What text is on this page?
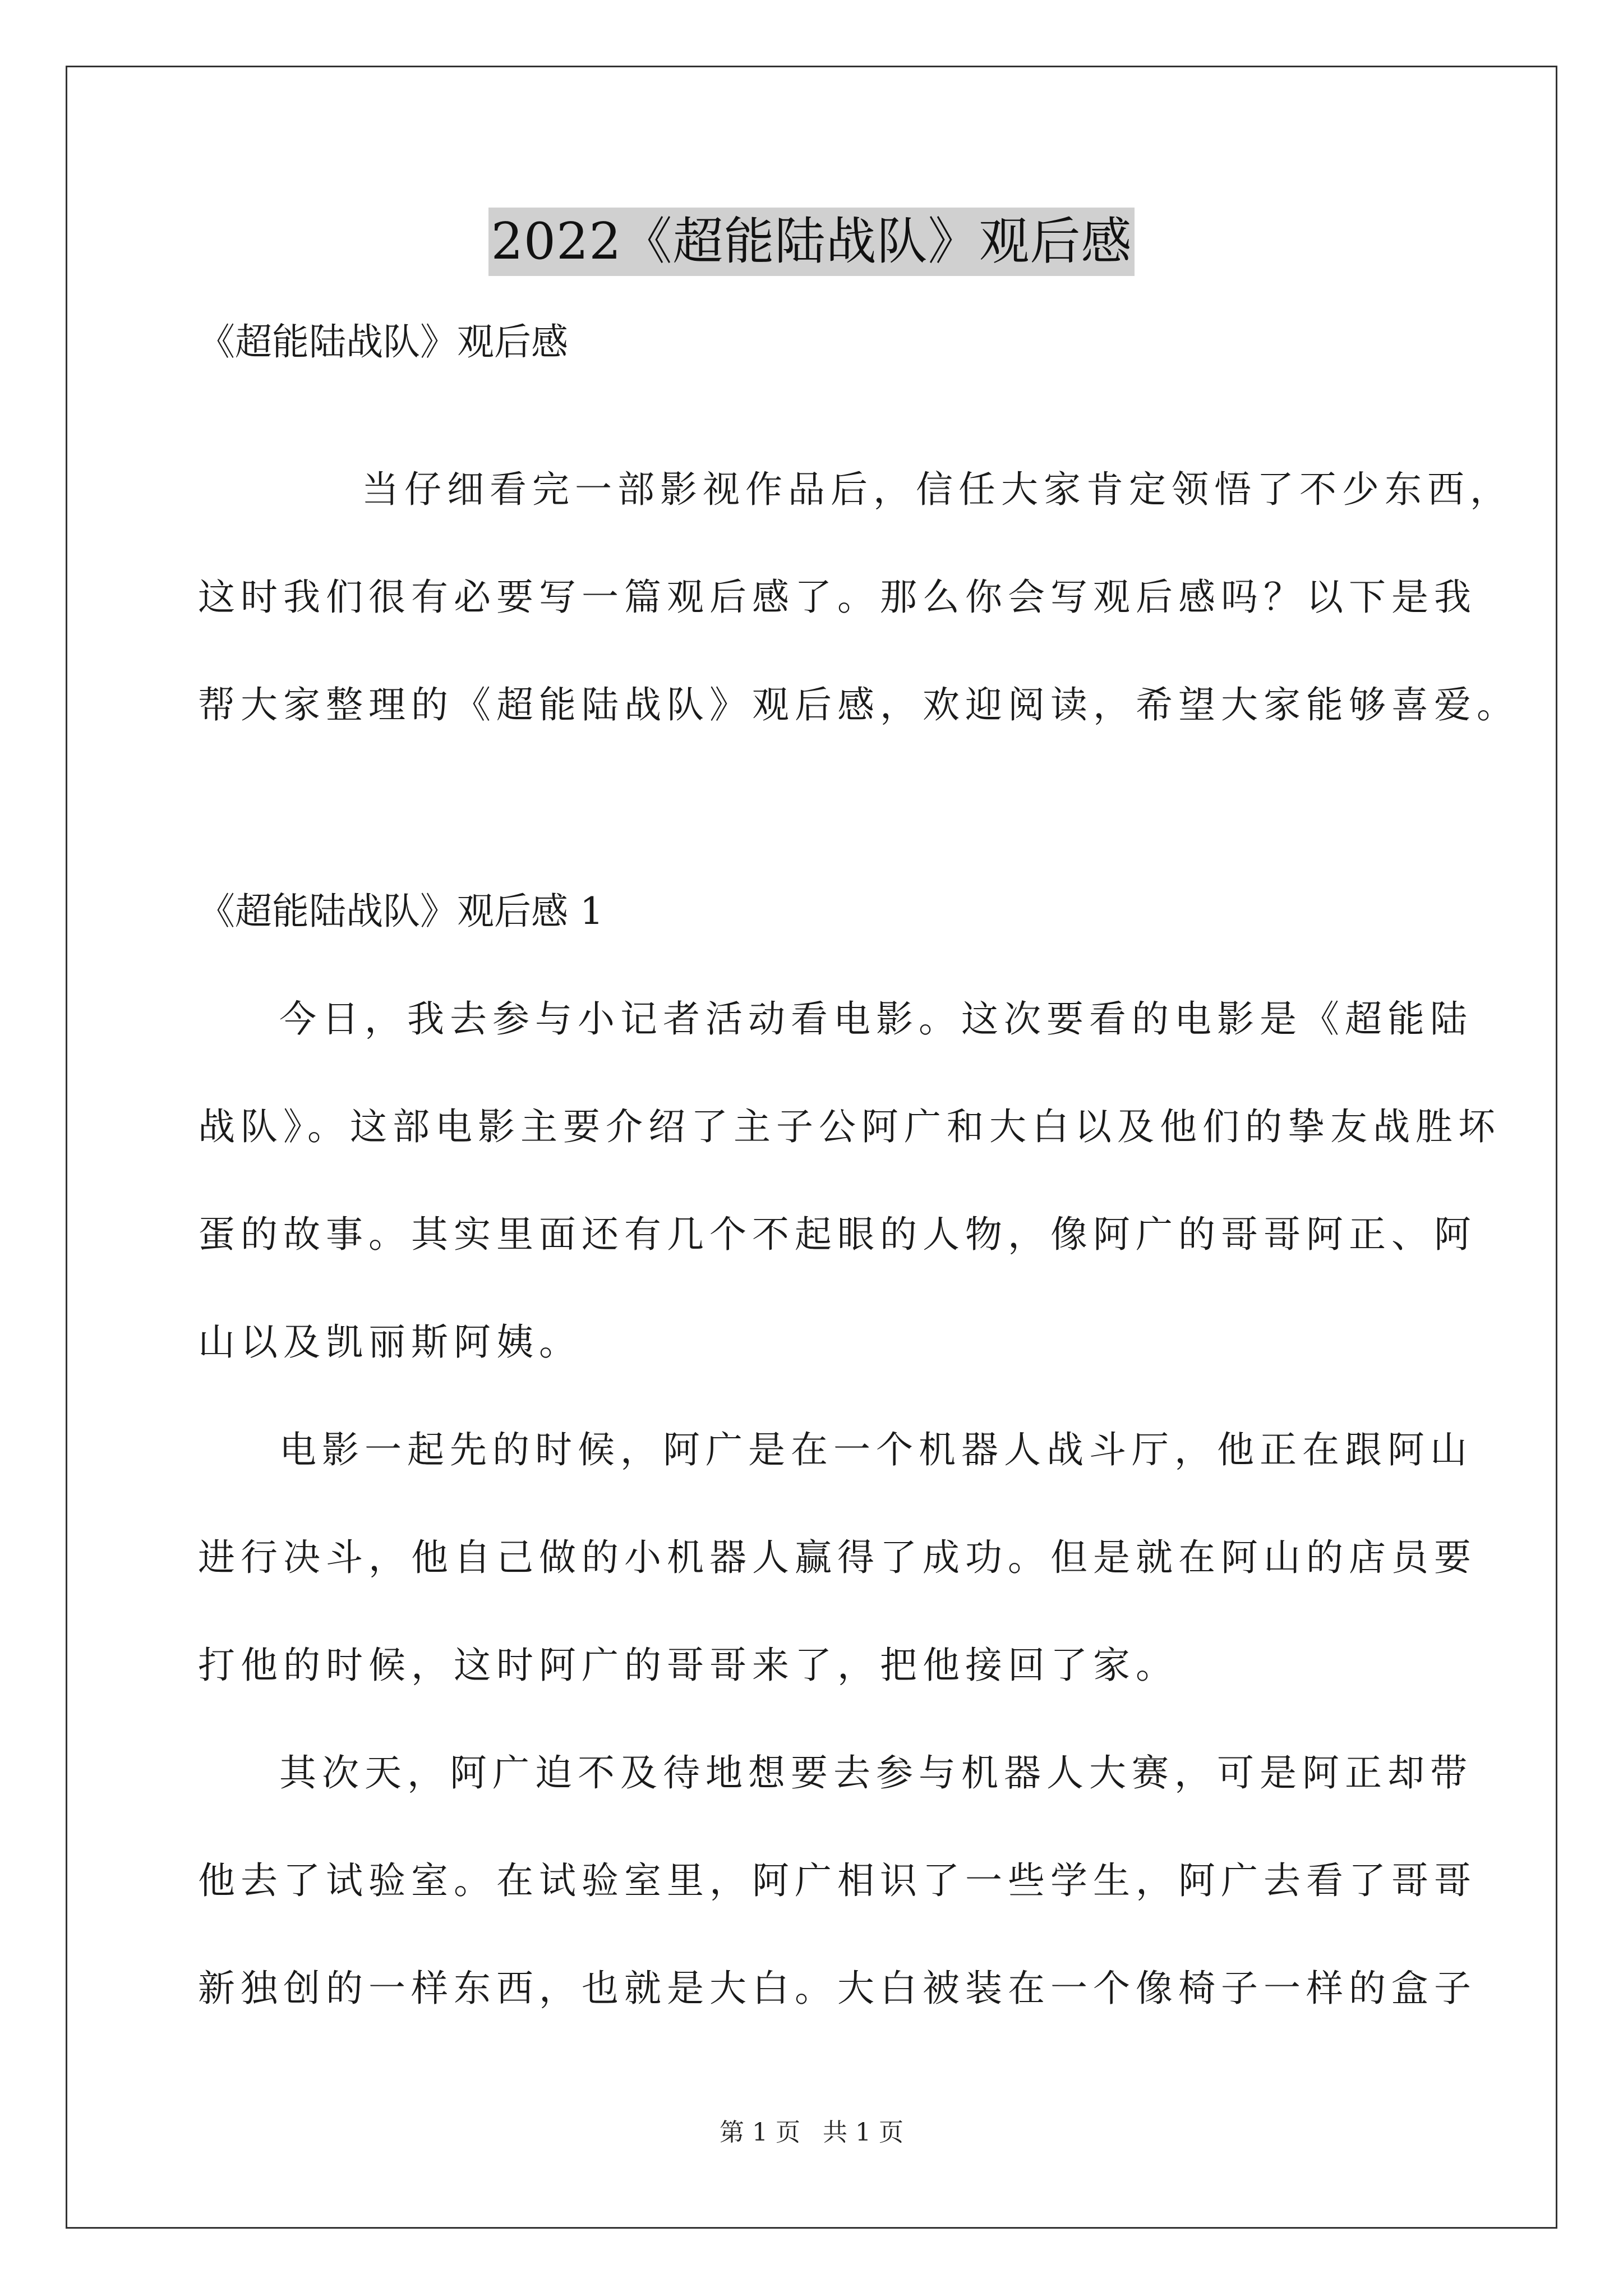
2022《超能陆战队》观后感
《超能陆战队》观后感
当仔细看完一部影视作品后，信任大家肯定领悟了不少东西，
这时我们很有必要写一篇观后感了。那么你会写观后感吗？以下是我
帮大家整理的《超能陆战队》观后感，欢迎阅读，希望大家能够喜爱。
《超能陆战队》观后感 1
今日，我去参与小记者活动看电影。这次要看的电影是《超能陆
战队》。这部电影主要介绍了主子公阿广和大白以及他们的挚友战胜坏
蛋的故事。其实里面还有几个不起眼的人物，像阿广的哥哥阿正、阿
山以及凯丽斯阿姨。
电影一起先的时候，阿广是在一个机器人战斗厅，他正在跟阿山
进行决斗，他自己做的小机器人赢得了成功。但是就在阿山的店员要
打他的时候，这时阿广的哥哥来了，把他接回了家。
其次天，阿广迫不及待地想要去参与机器人大赛，可是阿正却带
他去了试验室。在试验室里，阿广相识了一些学生，阿广去看了哥哥
新独创的一样东西，也就是大白。大白被装在一个像椅子一样的盒子
第 1 页 共 1 页
